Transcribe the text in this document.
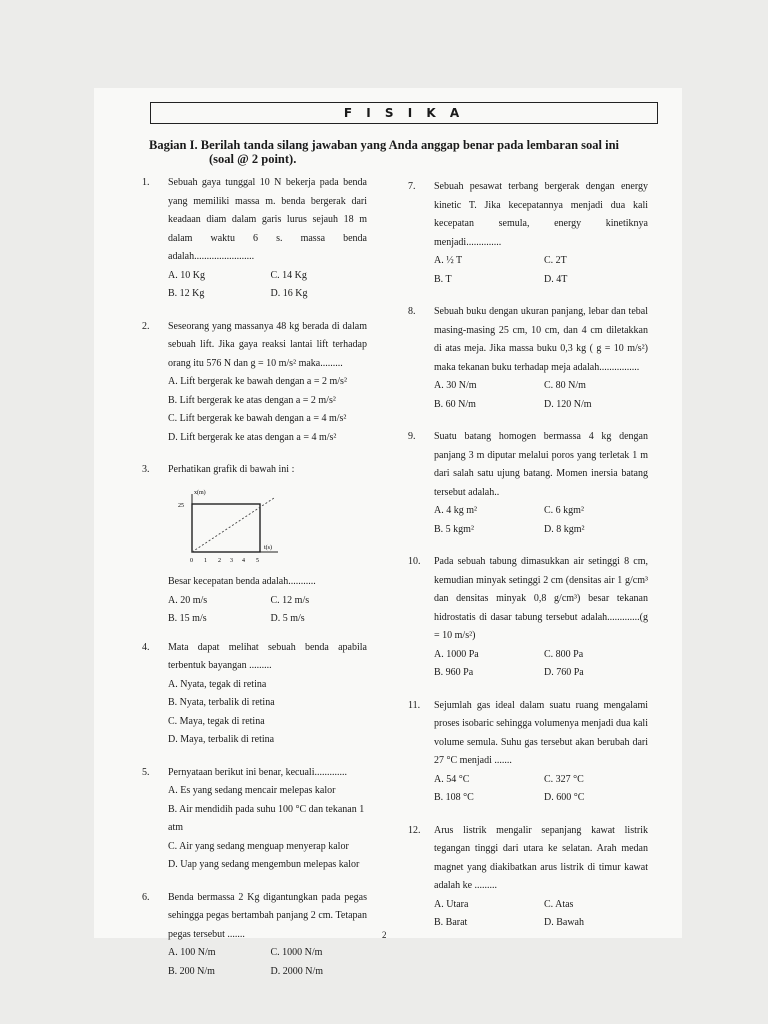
F I S I K A
Bagian I. Berilah tanda silang jawaban yang Anda anggap benar pada lembaran soal ini
(soal @ 2 point).
1. Sebuah gaya tunggal 10 N bekerja pada benda yang memiliki massa m. benda bergerak dari keadaan diam dalam garis lurus sejauh 18 m dalam waktu 6 s. massa benda adalah........................
A. 10 Kg	C. 14 Kg
B. 12 Kg	D. 16 Kg
2. Seseorang yang massanya 48 kg berada di dalam sebuah lift. Jika gaya reaksi lantai lift terhadap orang itu 576 N dan g = 10 m/s² maka.........
A. Lift bergerak ke bawah dengan a = 2 m/s²
B. Lift bergerak ke atas dengan a = 2 m/s²
C. Lift bergerak ke bawah dengan a = 4 m/s²
D. Lift bergerak ke atas dengan a = 4 m/s²
3. Perhatikan grafik di bawah ini :
x(m)
25
t(s)
0 1 2 3 4 5
Besar kecepatan benda adalah...........
A. 20 m/s	C. 12 m/s
B. 15 m/s	D. 5 m/s
4. Mata dapat melihat sebuah benda apabila terbentuk bayangan .........
A. Nyata, tegak di retina
B. Nyata, terbalik di retina
C. Maya, tegak di retina
D. Maya, terbalik di retina
5. Pernyataan berikut ini benar, kecuali.............
A. Es yang sedang mencair melepas kalor
B. Air mendidih pada suhu 100 °C dan tekanan 1 atm
C. Air yang sedang menguap menyerap kalor
D. Uap yang sedang mengembun melepas kalor
6. Benda bermassa 2 Kg digantungkan pada pegas sehingga pegas bertambah panjang 2 cm. Tetapan pegas tersebut .......
A. 100 N/m	C. 1000 N/m
B. 200 N/m	D. 2000 N/m
7. Sebuah pesawat terbang bergerak dengan energy kinetic T. Jika kecepatannya menjadi dua kali kecepatan semula, energy kinetiknya menjadi..............
A. ½ T	C. 2T
B. T	D. 4T
8. Sebuah buku dengan ukuran panjang, lebar dan tebal masing-masing 25 cm, 10 cm, dan 4 cm diletakkan di atas meja. Jika massa buku 0,3 kg ( g = 10 m/s²) maka tekanan buku terhadap meja adalah................
A. 30 N/m	C. 80 N/m
B. 60 N/m	D. 120 N/m
9. Suatu batang homogen bermassa 4 kg dengan panjang 3 m diputar melalui poros yang terletak 1 m dari salah satu ujung batang. Momen inersia batang tersebut adalah..
A. 4 kg m²	C. 6 kgm²
B. 5 kgm²	D. 8 kgm²
10. Pada sebuah tabung dimasukkan air setinggi 8 cm, kemudian minyak setinggi 2 cm (densitas air 1 g/cm³ dan densitas minyak 0,8 g/cm³) besar tekanan hidrostatis di dasar tabung tersebut adalah.............(g = 10 m/s²)
A. 1000 Pa	C. 800 Pa
B. 960 Pa	D. 760 Pa
11. Sejumlah gas ideal dalam suatu ruang mengalami proses isobaric sehingga volumenya menjadi dua kali volume semula. Suhu gas tersebut akan berubah dari 27 °C menjadi .......
A. 54 °C	C. 327 °C
B. 108 °C	D. 600 °C
12. Arus listrik mengalir sepanjang kawat listrik tegangan tinggi dari utara ke selatan. Arah medan magnet yang diakibatkan arus listrik di timur kawat adalah ke .........
A. Utara	C. Atas
B. Barat	D. Bawah
2
